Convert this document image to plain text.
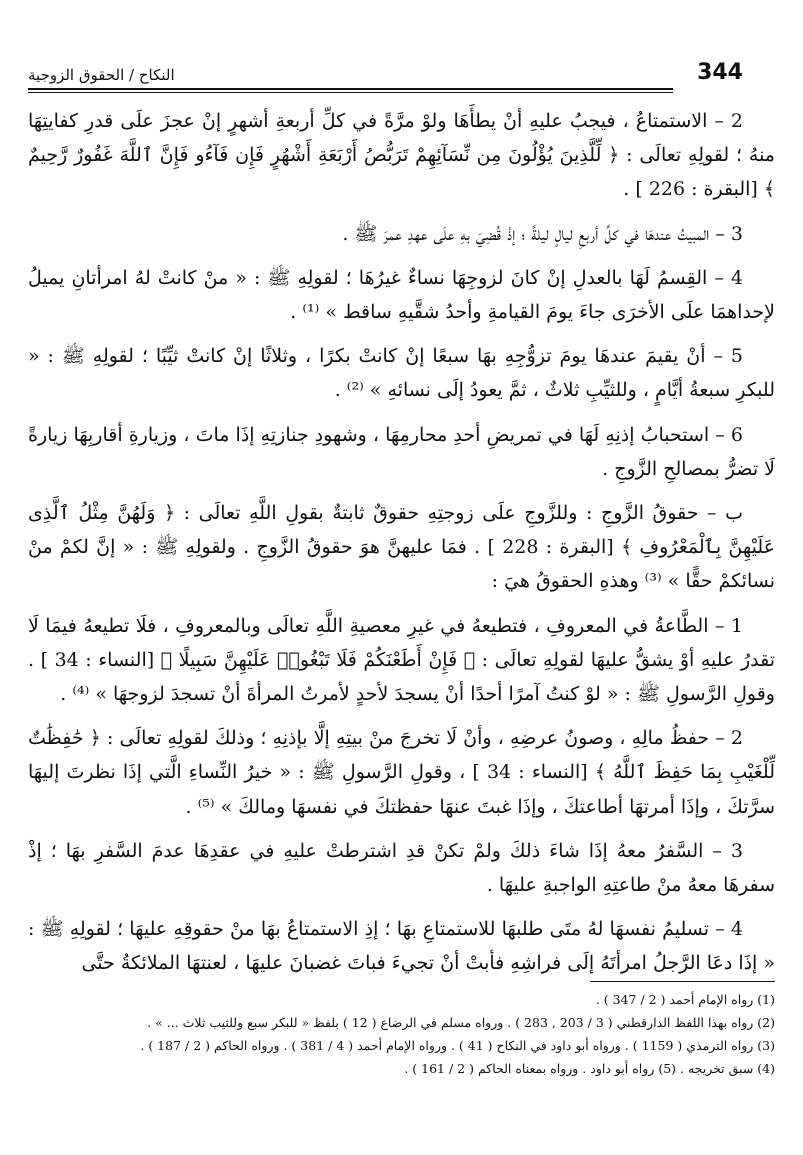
344
النكاح / الحقوق الزوجية

2 – الاستمتاعُ ، فيجبُ عليهِ أنْ يطأَهَا ولوْ مرَّةً في كلِّ أربعةِ أشهرٍ إنْ عجزَ علَى قدرِ كفايتِهَا منهُ ؛ لقولِهِ تعالَى : ﴿ لِّلَّذِينَ يُؤْلُونَ مِن نِّسَآئِهِمْ تَرَبُّصُ أَرْبَعَةِ أَشْهُرٍ فَإِن فَآءُو فَإِنَّ ٱللَّهَ غَفُورٌ رَّحِيمٌ ﴾ [البقرة : 226 ] .

3 – المبيتُ عندهَا في كلِّ أربعِ ليالٍ ليلةً ؛ إذْ قُضِيَ بهِ علَى عهدِ عمرَ ﷺ .

4 – القِسمُ لَهَا بالعدلِ إنْ كانَ لزوجِهَا نساءٌ غيرُهَا ؛ لقولِهِ ﷺ : « منْ كانتْ لهُ امرأتانِ يميلُ لإحداهمَا علَى الأخرَى جاءَ يومَ القيامةِ وأحدُ شقَّيهِ ساقط » ⁽¹⁾ .

5 – أنْ يقيمَ عندهَا يومَ تزوُّجِهِ بهَا سبعًا إنْ كانتْ بكرًا ، وثلاثًا إنْ كانتْ ثيِّبًا ؛ لقولِهِ ﷺ : « للبكرِ سبعةُ أيَّامٍ ، وللثيِّبِ ثلاثٌ ، ثمَّ يعودُ إلَى نسائهِ » ⁽²⁾ .

6 – استحبابُ إذنِهِ لَهَا في تمريضِ أحدِ محارمِهَا ، وشهودِ جنازتِهِ إذَا ماتَ ، وزيارةِ أقاربِهَا زيارةً لَا تضرُّ بمصالحِ الزَّوجِ .

ب – حقوقُ الزَّوجِ : وللزَّوجِ علَى زوجتِهِ حقوقٌ ثابتةٌ بقولِ اللَّهِ تعالَى : ﴿ وَلَهُنَّ مِثْلُ ٱلَّذِى عَلَيْهِنَّ بِٱلْمَعْرُوفِ ﴾ [البقرة : 228 ] . فمَا عليهنَّ هوَ حقوقُ الزَّوجِ . ولقولِهِ ﷺ : « إنَّ لكمْ منْ نسائكمْ حقًّا » ⁽³⁾ وهذهِ الحقوقُ هيَ :

1 – الطَّاعةُ في المعروفِ ، فتطيعهُ في غيرِ معصيةِ اللَّهِ تعالَى وبالمعروفِ ، فلَا تطيعهُ فيمَا لَا تقدرُ عليهِ أوْ يشقُّ عليهَا لقولِهِ تعالَى : ﴿ فَإِنْ أَطَعْنَكُمْ فَلَا تَبْغُوا۟ عَلَيْهِنَّ سَبِيلًا ﴾ [النساء : 34 ] . وقولِ الرَّسولِ ﷺ : « لوْ كنتُ آمرًا أحدًا أنْ يسجدَ لأحدٍ لأمرتُ المرأةَ أنْ تسجدَ لزوجهَا » ⁽⁴⁾ .

2 – حفظُ مالِهِ ، وصونُ عرضِهِ ، وأنْ لَا تخرجَ منْ بيتِهِ إلَّا بإذنِهِ ؛ وذلكَ لقولِهِ تعالَى : ﴿ حَٰفِظَٰتٌ لِّلْغَيْبِ بِمَا حَفِظَ ٱللَّهُ ﴾ [النساء : 34 ] ، وقولِ الرَّسولِ ﷺ : « خيرُ النِّساءِ الَّتي إذَا نظرتَ إليهَا سرَّتكَ ، وإذَا أمرتهَا أطاعتكَ ، وإذَا غبتَ عنهَا حفظتكَ في نفسهَا ومالكَ » ⁽⁵⁾ .

3 – السَّفرُ معهُ إذَا شاءَ ذلكَ ولمْ تكنْ قدِ اشترطتْ عليهِ في عقدِهَا عدمَ السَّفرِ بهَا ؛ إذْ سفرهَا معهُ منْ طاعتِهِ الواجبةِ عليهَا .

4 – تسليمُ نفسهَا لهُ متَى طلبهَا للاستمتاعِ بهَا ؛ إذِ الاستمتاعُ بهَا منْ حقوقِهِ عليهَا ؛ لقولِهِ ﷺ : « إذَا دعَا الرَّجلُ امرأتَهُ إلَى فراشِهِ فأبتْ أنْ تجيءَ فباتَ غضبانَ عليهَا ، لعنتهَا الملائكةُ حتَّى

(1) رواه الإمام أحمد ( 2 / 347 ) .

(2) رواه بهذا اللفظ الدارقطني ( 3 / 203 , 283 ) . ورواه مسلم في الرضاع ( 12 ) بلفظ « للبكر سبع وللثيب ثلاث ... » .

(3) رواه الترمذي ( 1159 ) . ورواه أبو داود في النكاح ( 41 ) . ورواه الإمام أحمد ( 4 / 381 ) . ورواه الحاكم ( 2 / 187 ) .

(4) سبق تخريجه . (5) رواه أبو داود . ورواه بمعناه الحاكم ( 2 / 161 ) .
